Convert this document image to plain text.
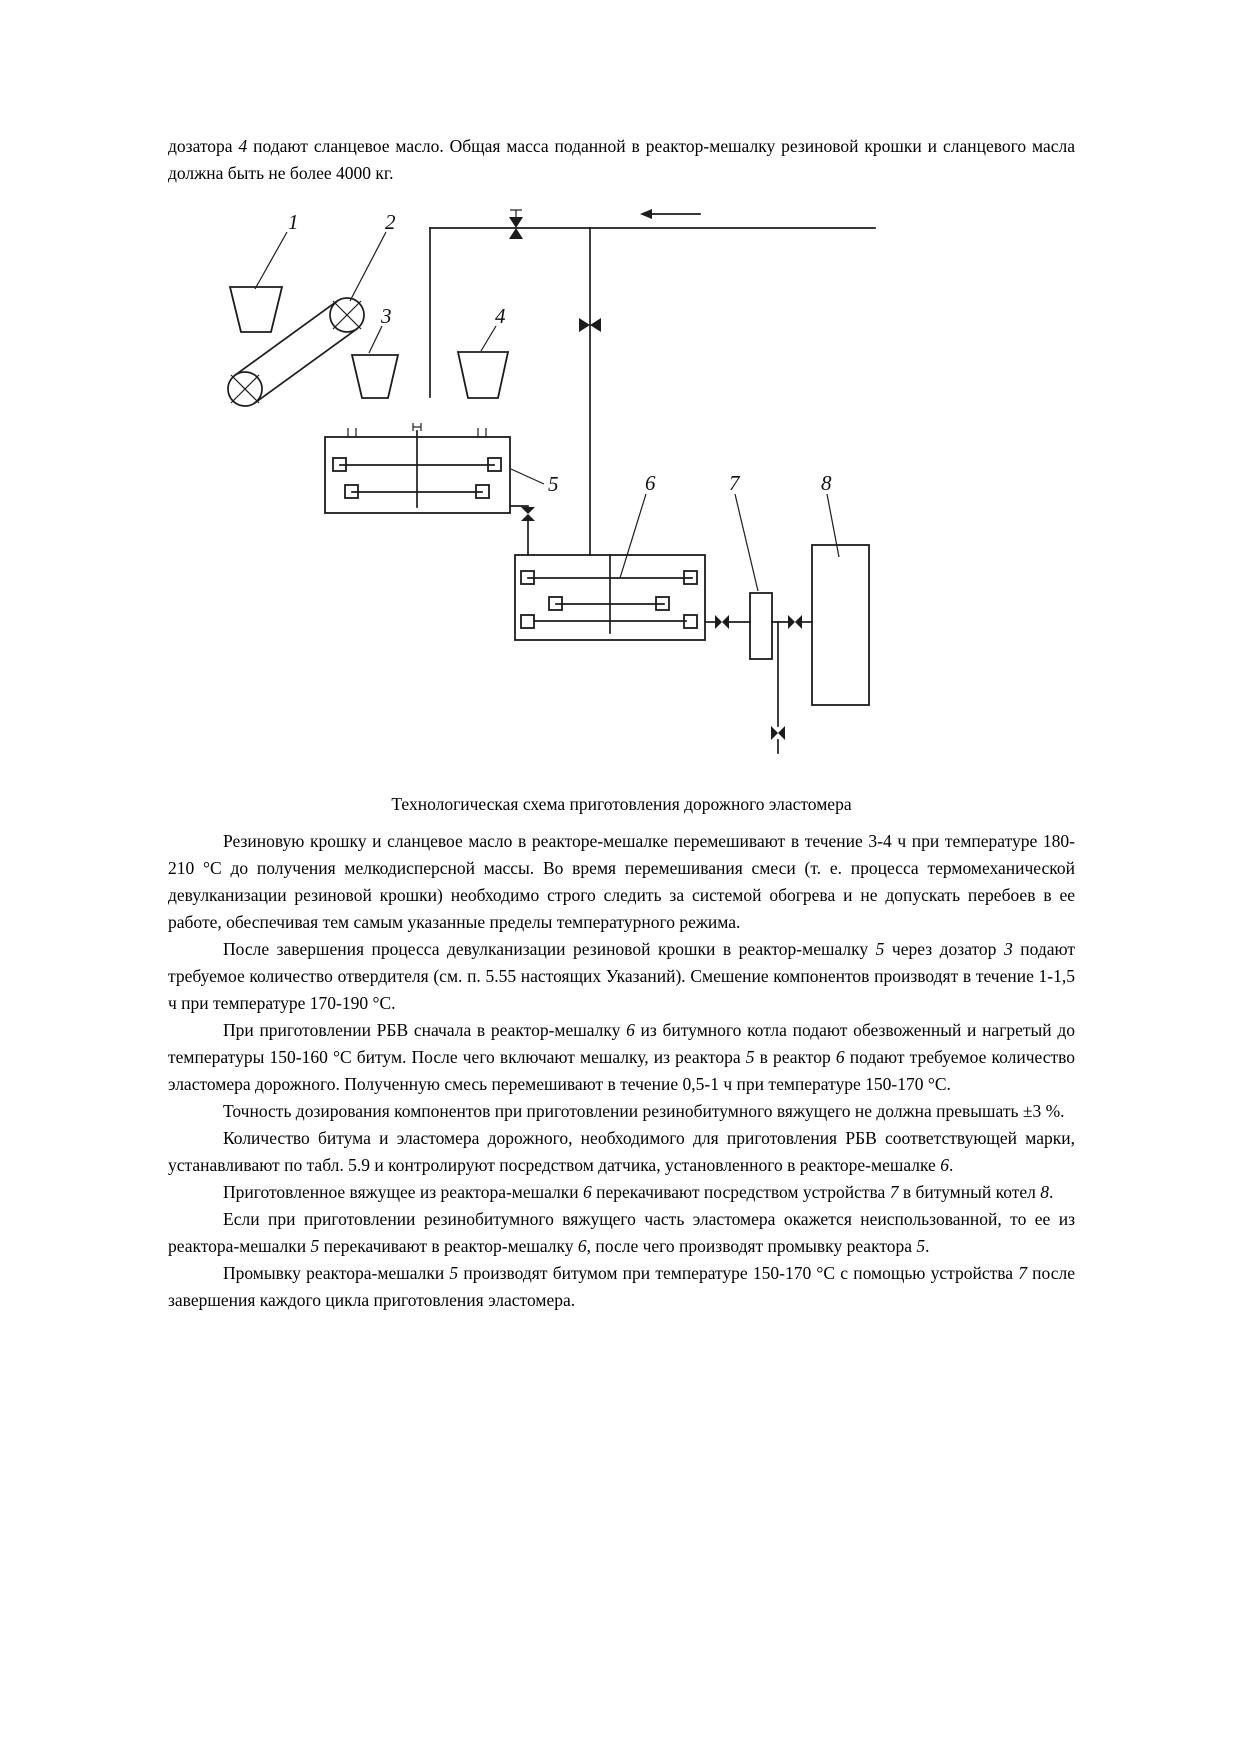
дозатора 4 подают сланцевое масло. Общая масса поданной в реактор-мешалку резиновой крошки и сланцевого масла должна быть не более 4000 кг.

1	2
3	4
5	6	7	8

Технологическая схема приготовления дорожного эластомера

Резиновую крошку и сланцевое масло в реакторе-мешалке перемешивают в течение 3-4 ч при температуре 180-210 °С до получения мелкодисперсной массы. Во время перемешивания смеси (т. е. процесса термомеханической девулканизации резиновой крошки) необходимо строго следить за системой обогрева и не допускать перебоев в ее работе, обеспечивая тем самым указанные пределы температурного режима.

После завершения процесса девулканизации резиновой крошки в реактор-мешалку 5 через дозатор 3 подают требуемое количество отвердителя (см. п. 5.55 настоящих Указаний). Смешение компонентов производят в течение 1-1,5 ч при температуре 170-190 °С.

При приготовлении РБВ сначала в реактор-мешалку 6 из битумного котла подают обезвоженный и нагретый до температуры 150-160 °С битум. После чего включают мешалку, из реактора 5 в реактор 6 подают требуемое количество эластомера дорожного. Полученную смесь перемешивают в течение 0,5-1 ч при температуре 150-170 °С.

Точность дозирования компонентов при приготовлении резинобитумного вяжущего не должна превышать ±3 %.

Количество битума и эластомера дорожного, необходимого для приготовления РБВ соответствующей марки, устанавливают по табл. 5.9 и контролируют посредством датчика, установленного в реакторе-мешалке 6.

Приготовленное вяжущее из реактора-мешалки 6 перекачивают посредством устройства 7 в битумный котел 8.

Если при приготовлении резинобитумного вяжущего часть эластомера окажется неиспользованной, то ее из реактора-мешалки 5 перекачивают в реактор-мешалку 6, после чего производят промывку реактора 5.

Промывку реактора-мешалки 5 производят битумом при температуре 150-170 °С с помощью устройства 7 после завершения каждого цикла приготовления эластомера.
